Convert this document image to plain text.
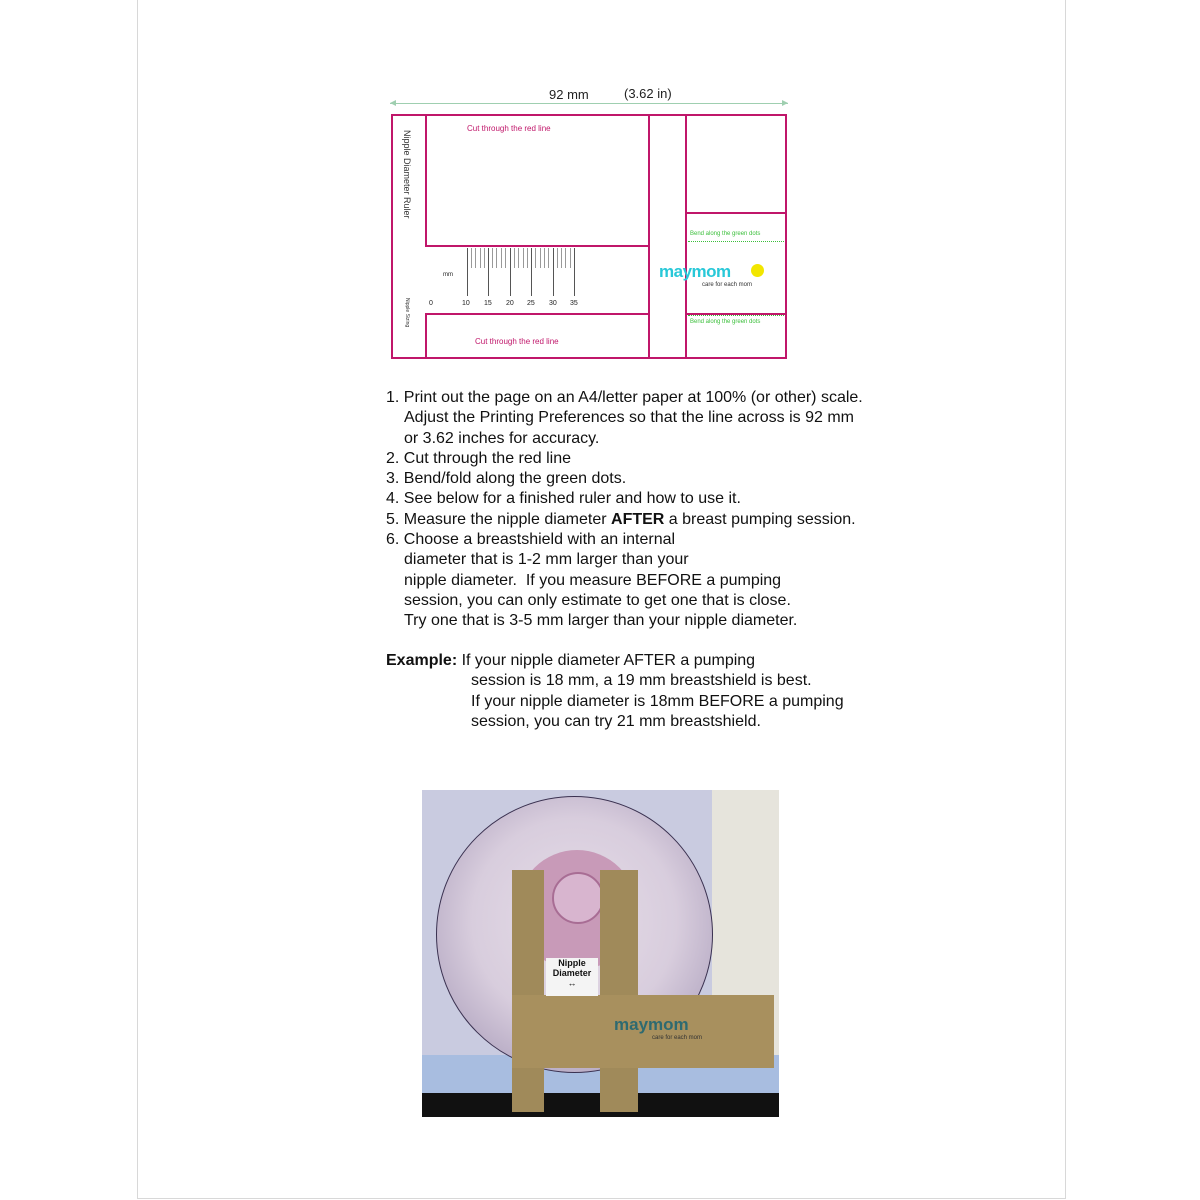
92 mm	(3.62 in)
Nipple Diameter Ruler
Nipple Sizing
Cut through the red line
Cut through the red line
Bend along the green dots
Bend along the green dots
mm
0	10 15 20 25 30 35
maymom
care for each mom
1. Print out the page on an A4/letter paper at 100% (or other) scale.
Adjust the Printing Preferences so that the line across is 92 mm
or 3.62 inches for accuracy.
2. Cut through the red line
3. Bend/fold along the green dots.
4. See below for a finished ruler and how to use it.
5. Measure the nipple diameter AFTER a breast pumping session.
6. Choose a breastshield with an internal
diameter that is 1-2 mm larger than your
nipple diameter.  If you measure BEFORE a pumping
session, you can only estimate to get one that is close.
Try one that is 3-5 mm larger than your nipple diameter.
Example: If your nipple diameter AFTER a pumping
session is 18 mm, a 19 mm breastshield is best.
If your nipple diameter is 18mm BEFORE a pumping
session, you can try 21 mm breastshield.
Nipple
Diameter
↔
maymom
care for each mom
